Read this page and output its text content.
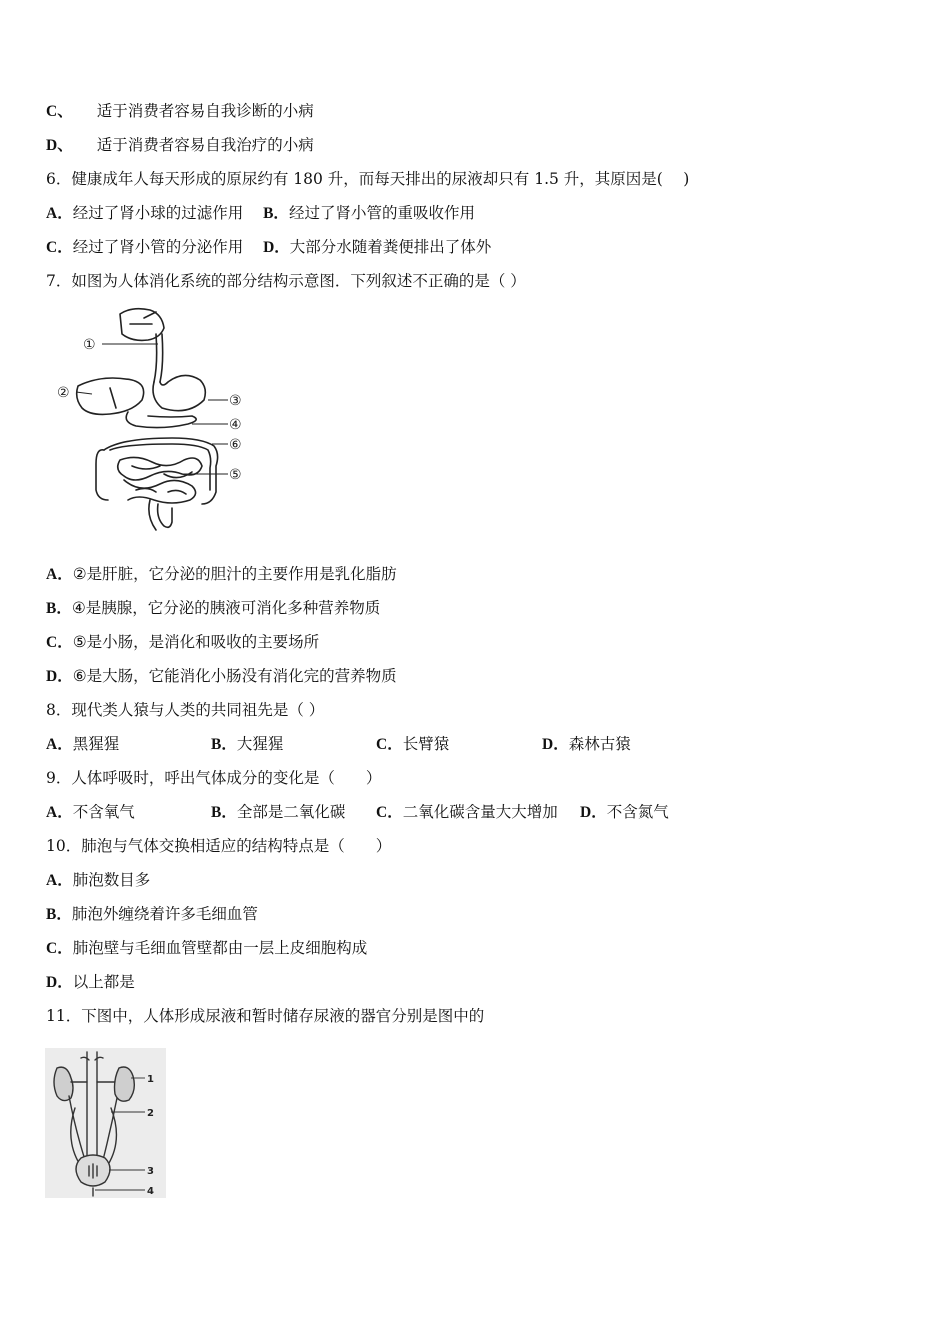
C、 适于消费者容易自我诊断的小病
D、 适于消费者容易自我治疗的小病
6．健康成年人每天形成的原尿约有 180 升，而每天排出的尿液却只有 1.5 升，其原因是(　 )
A．经过了肾小球的过滤作用 B．经过了肾小管的重吸收作用
C．经过了肾小管的分泌作用 D．大部分水随着粪便排出了体外
7．如图为人体消化系统的部分结构示意图．下列叙述不正确的是（ ）
①
②	③
④
⑥
⑤
A．②是肝脏，它分泌的胆汁的主要作用是乳化脂肪
B．④是胰腺，它分泌的胰液可消化多种营养物质
C．⑤是小肠，是消化和吸收的主要场所
D．⑥是大肠，它能消化小肠没有消化完的营养物质
8．现代类人猿与人类的共同祖先是（ ）
A．黑猩猩	B．大猩猩	C．长臂猿	D．森林古猿
9．人体呼吸时，呼出气体成分的变化是（　　）
A．不含氧气	B．全部是二氧化碳 C．二氧化碳含量大大增加 D．不含氮气
10．肺泡与气体交换相适应的结构特点是（　　）
A．肺泡数目多
B．肺泡外缠绕着许多毛细血管
C．肺泡壁与毛细血管壁都由一层上皮细胞构成
D．以上都是
11．下图中，人体形成尿液和暂时储存尿液的器官分别是图中的
1
2
3
4
